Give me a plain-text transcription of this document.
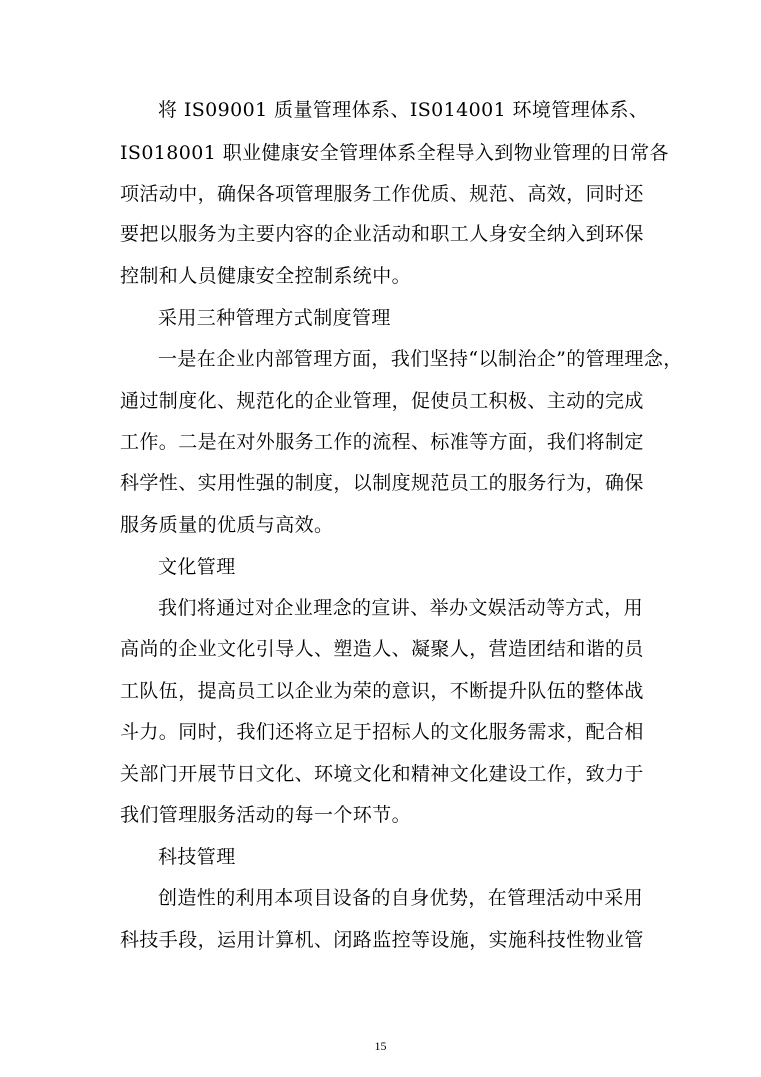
将 IS09001 质量管理体系、IS014001 环境管理体系、
IS018001 职业健康安全管理体系全程导入到物业管理的日常各
项活动中，确保各项管理服务工作优质、规范、高效，同时还
要把以服务为主要内容的企业活动和职工人身安全纳入到环保
控制和人员健康安全控制系统中。
采用三种管理方式制度管理
一是在企业内部管理方面，我们坚持“以制治企”的管理理念，
通过制度化、规范化的企业管理，促使员工积极、主动的完成
工作。二是在对外服务工作的流程、标准等方面，我们将制定
科学性、实用性强的制度，以制度规范员工的服务行为，确保
服务质量的优质与高效。
文化管理
我们将通过对企业理念的宣讲、举办文娱活动等方式，用
高尚的企业文化引导人、塑造人、凝聚人，营造团结和谐的员
工队伍，提高员工以企业为荣的意识，不断提升队伍的整体战
斗力。同时，我们还将立足于招标人的文化服务需求，配合相
关部门开展节日文化、环境文化和精神文化建设工作，致力于
我们管理服务活动的每一个环节。
科技管理
创造性的利用本项目设备的自身优势，在管理活动中采用
科技手段，运用计算机、闭路监控等设施，实施科技性物业管
15
